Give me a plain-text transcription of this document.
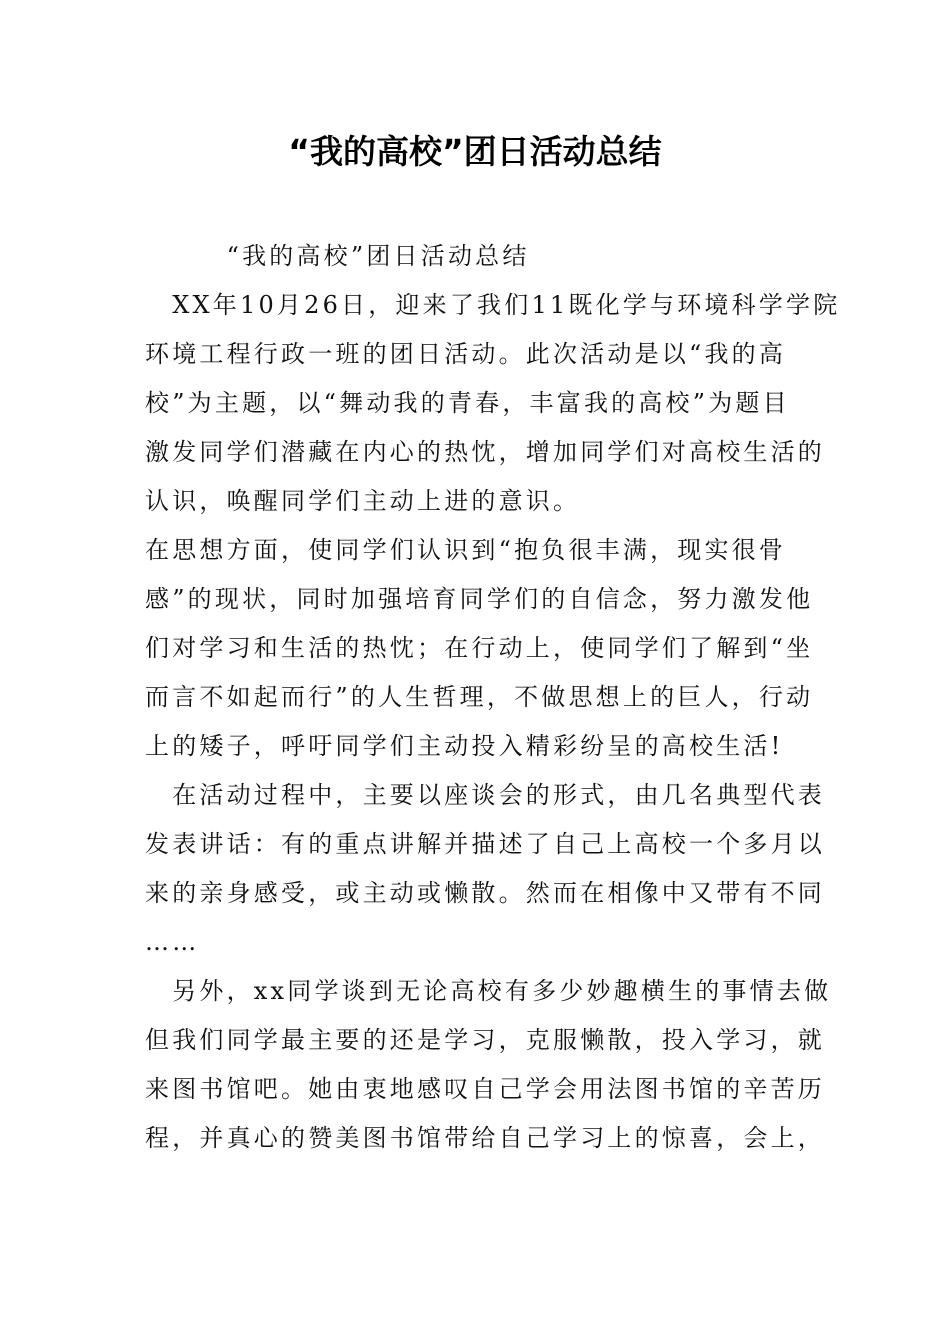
“我的高校”团日活动总结
　　　“我的高校”团日活动总结
　XX年10月26日，迎来了我们11既化学与环境科学学院
环境工程行政一班的团日活动。此次活动是以“我的高
校”为主题，以“舞动我的青春，丰富我的高校”为题目
激发同学们潜藏在内心的热忱，增加同学们对高校生活的
认识，唤醒同学们主动上进的意识。
在思想方面，使同学们认识到“抱负很丰满，现实很骨
感”的现状，同时加强培育同学们的自信念，努力激发他
们对学习和生活的热忱；在行动上，使同学们了解到“坐
而言不如起而行”的人生哲理，不做思想上的巨人，行动
上的矮子，呼吁同学们主动投入精彩纷呈的高校生活!
　在活动过程中，主要以座谈会的形式，由几名典型代表
发表讲话：有的重点讲解并描述了自己上高校一个多月以
来的亲身感受，或主动或懒散。然而在相像中又带有不同
……
　另外，xx同学谈到无论高校有多少妙趣横生的事情去做
但我们同学最主要的还是学习，克服懒散，投入学习，就
来图书馆吧。她由衷地感叹自己学会用法图书馆的辛苦历
程，并真心的赞美图书馆带给自己学习上的惊喜，会上，
